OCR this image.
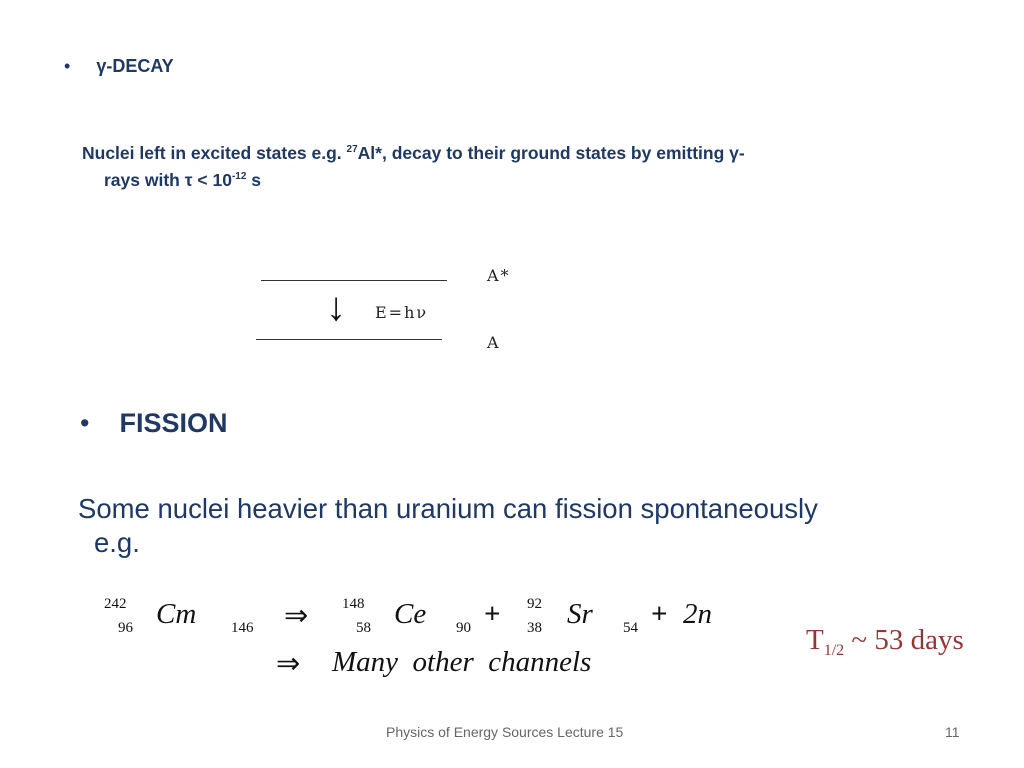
• γ-DECAY
Nuclei left in excited states e.g. $^{27}$Al*, decay to their ground states by emitting γ-
rays with $\tau < 10^{-12}$ s
↓
A*
E=hν
A
• FISSION
Some nuclei heavier than uranium can fission spontaneously
e.g.
242
96 Cm 146 ⇒ 148
58 Ce 90 + 92
38 Sr 54 + 2n
⇒ Many  other  channels
$T_{1/2}$ ~ 53 days
Physics of Energy Sources Lecture 15	11
